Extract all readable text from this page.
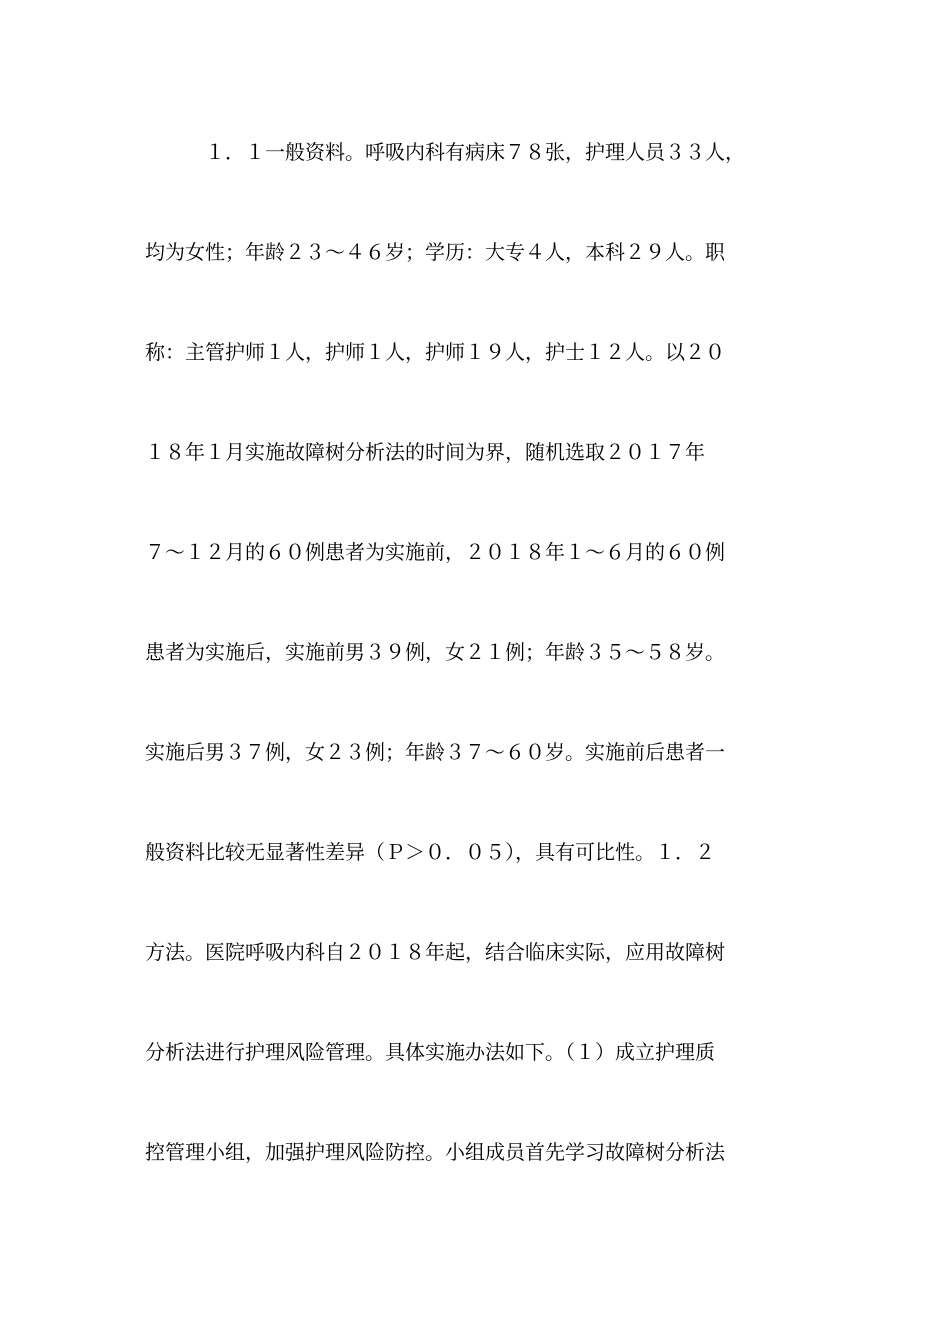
　　　１．１一般资料。呼吸内科有病床７８张，护理人员３３人，
均为女性；年龄２３～４６岁；学历：大专４人，本科２９人。职
称：主管护师１人，护师１人，护师１９人，护士１２人。以２０
１８年１月实施故障树分析法的时间为界，随机选取２０１７年
７～１２月的６０例患者为实施前，２０１８年１～６月的６０例
患者为实施后，实施前男３９例，女２１例；年龄３５～５８岁。
实施后男３７例，女２３例；年龄３７～６０岁。实施前后患者一
般资料比较无显著性差异（Ｐ＞０．０５），具有可比性。１．２
方法。医院呼吸内科自２０１８年起，结合临床实际，应用故障树
分析法进行护理风险管理。具体实施办法如下。（１）成立护理质
控管理小组，加强护理风险防控。小组成员首先学习故障树分析法
